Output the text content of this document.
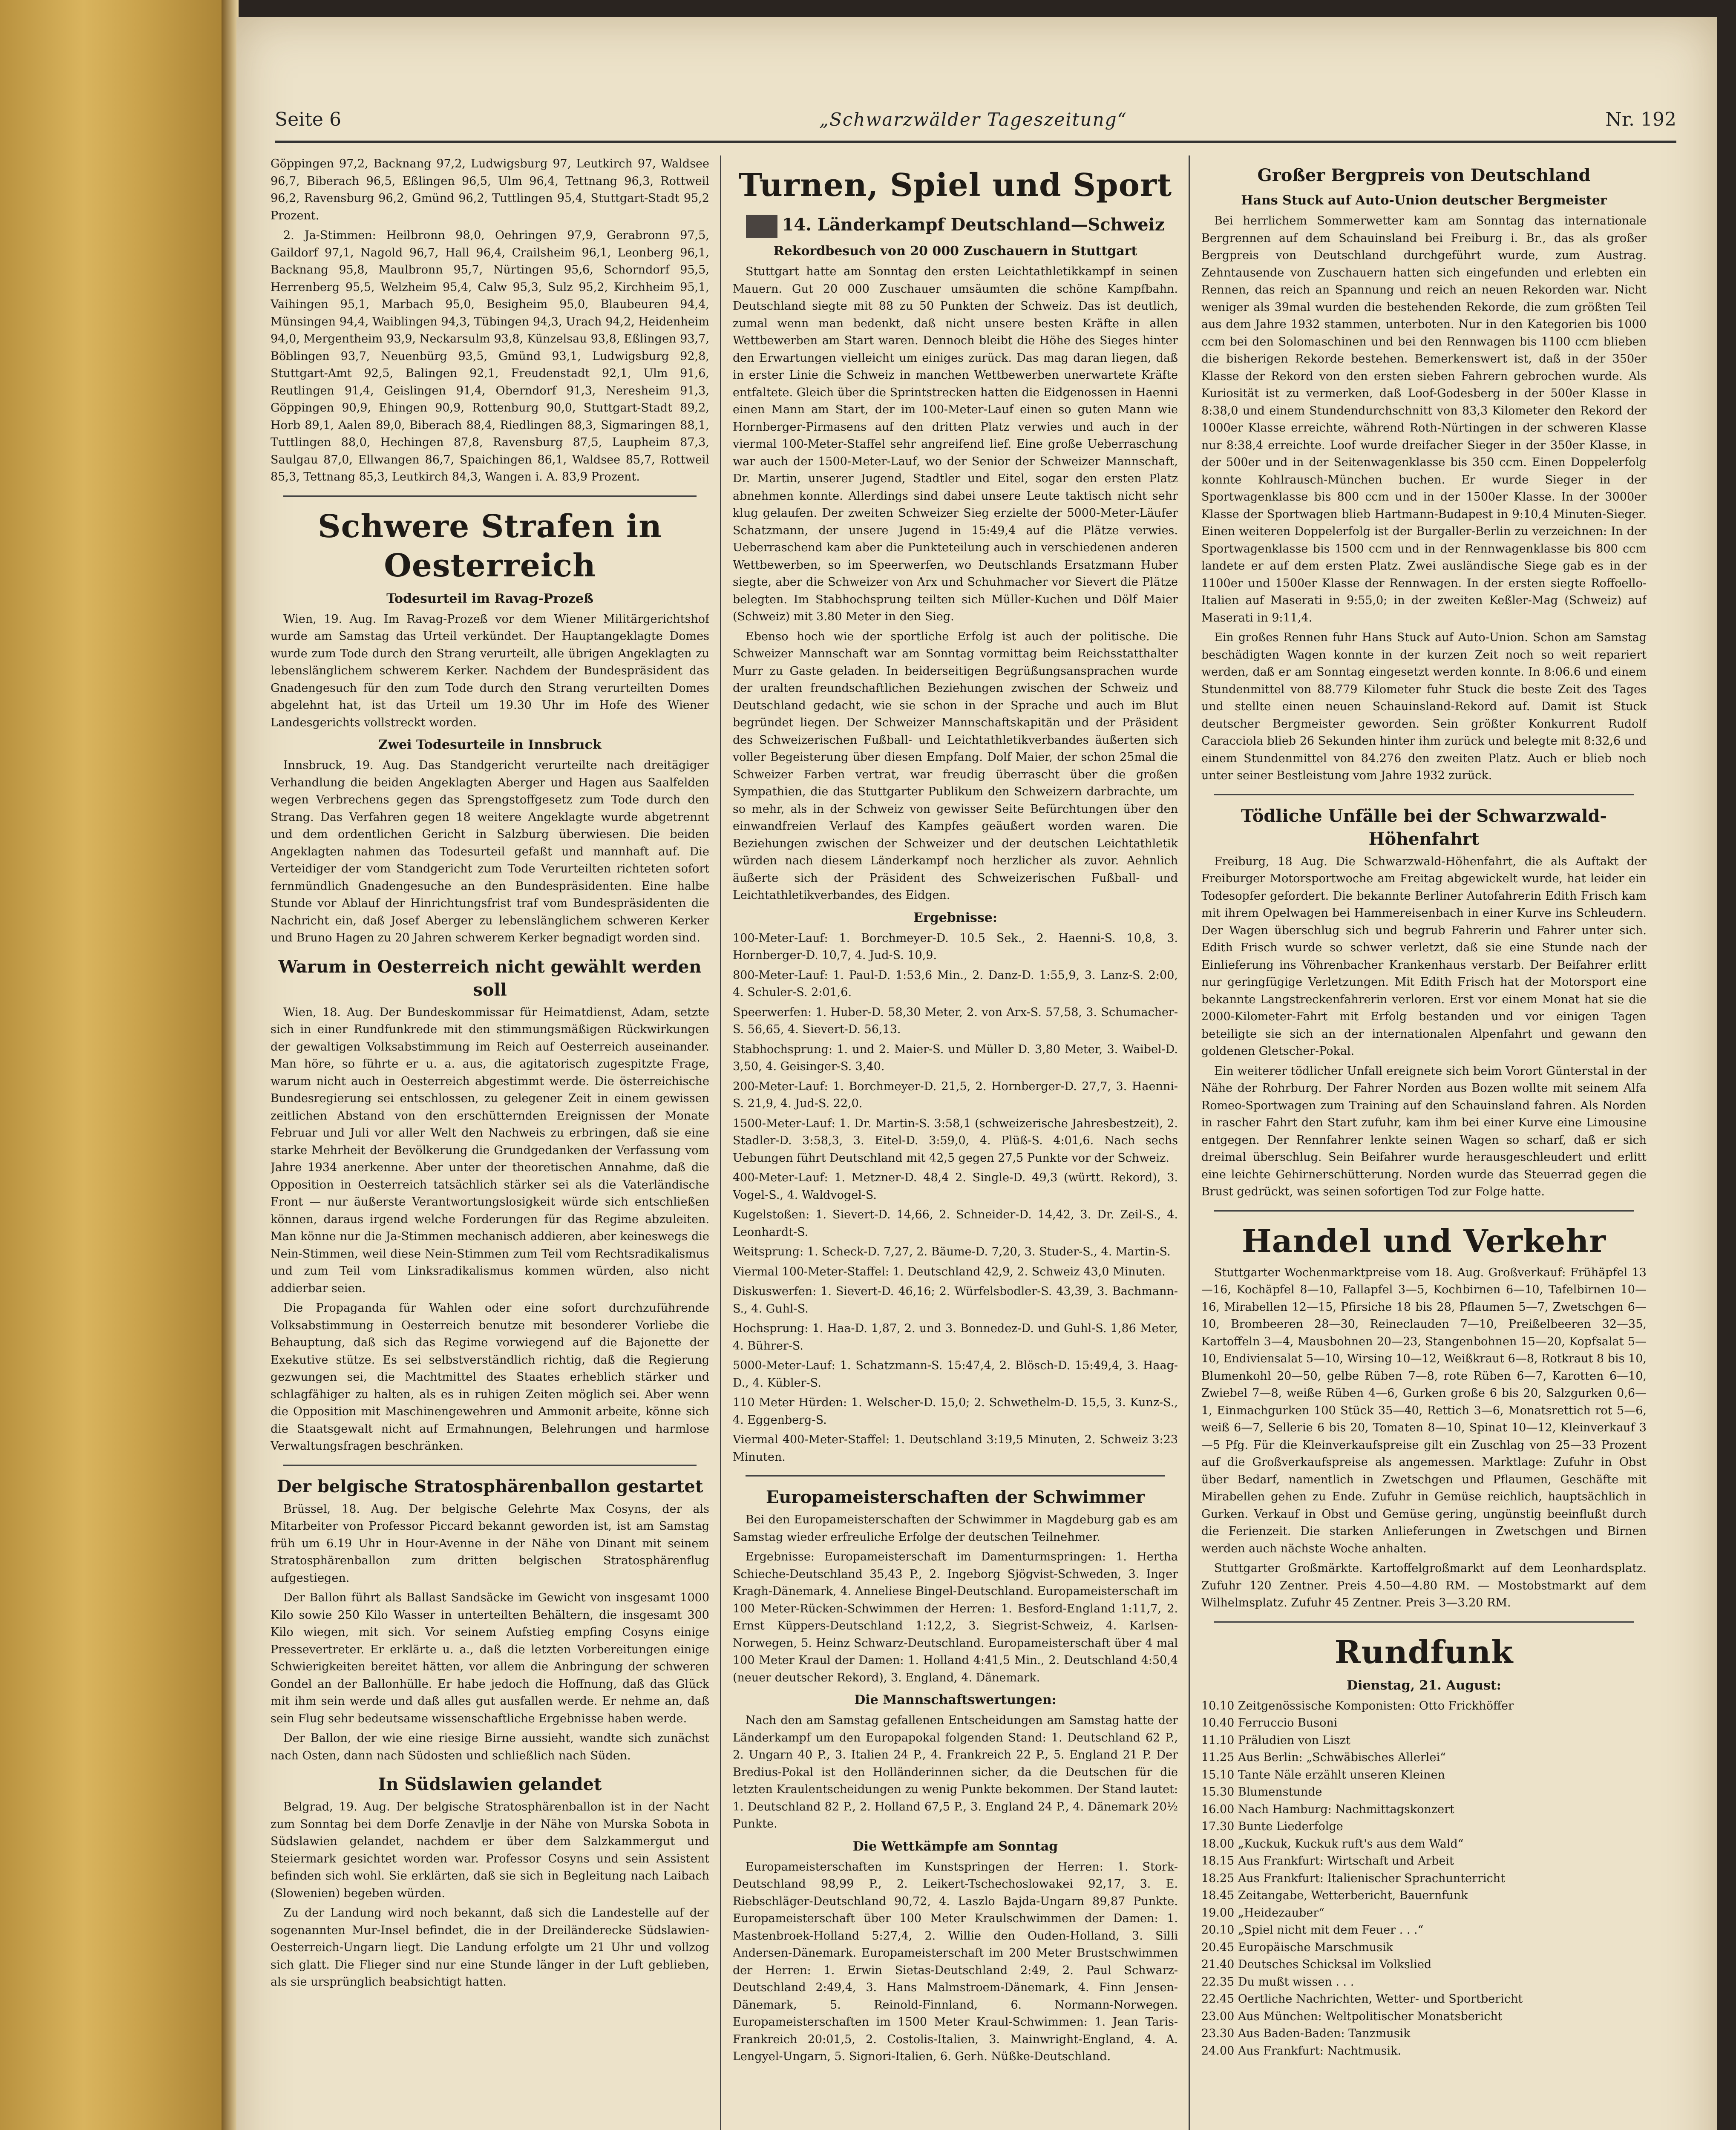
Seite 6	„Schwarzwälder Tageszeitung“	Nr. 192

Göppingen 97,2, Backnang 97,2, Ludwigsburg 97, Leutkirch 97, Waldsee 96,7, Biberach 96,5, Eßlingen 96,5, Ulm 96,4, Tettnang 96,3, Rottweil 96,2, Ravensburg 96,2, Gmünd 96,2, Tuttlingen 95,4, Stuttgart-Stadt 95,2 Prozent.

2. Ja-Stimmen: Heilbronn 98,0, Oehringen 97,9, Gerabronn 97,5, Gaildorf 97,1, Nagold 96,7, Hall 96,4, Crailsheim 96,1, Leonberg 96,1, Backnang 95,8, Maulbronn 95,7, Nürtingen 95,6, Schorndorf 95,5, Herrenberg 95,5, Welzheim 95,4, Calw 95,3, Sulz 95,2, Kirchheim 95,1, Vaihingen 95,1, Marbach 95,0, Besigheim 95,0, Blaubeuren 94,4, Münsingen 94,4, Waiblingen 94,3, Tübingen 94,3, Urach 94,2, Heidenheim 94,0, Mergentheim 93,9, Neckarsulm 93,8, Künzelsau 93,8, Eßlingen 93,7, Böblingen 93,7, Neuenbürg 93,5, Gmünd 93,1, Ludwigsburg 92,8, Stuttgart-Amt 92,5, Balingen 92,1, Freudenstadt 92,1, Ulm 91,6, Reutlingen 91,4, Geislingen 91,4, Oberndorf 91,3, Neresheim 91,3, Göppingen 90,9, Ehingen 90,9, Rottenburg 90,0, Stuttgart-Stadt 89,2, Horb 89,1, Aalen 89,0, Biberach 88,4, Riedlingen 88,3, Sigmaringen 88,1, Tuttlingen 88,0, Hechingen 87,8, Ravensburg 87,5, Laupheim 87,3, Saulgau 87,0, Ellwangen 86,7, Spaichingen 86,1, Waldsee 85,7, Rottweil 85,3, Tettnang 85,3, Leutkirch 84,3, Wangen i. A. 83,9 Prozent.

Schwere Strafen in Oesterreich
Todesurteil im Ravag-Prozeß

Wien, 19. Aug. Im Ravag-Prozeß vor dem Wiener Militärgerichtshof wurde am Samstag das Urteil verkündet. Der Hauptangeklagte Domes wurde zum Tode durch den Strang verurteilt, alle übrigen Angeklagten zu lebenslänglichem schwerem Kerker. Nachdem der Bundespräsident das Gnadengesuch für den zum Tode durch den Strang verurteilten Domes abgelehnt hat, ist das Urteil um 19.30 Uhr im Hofe des Wiener Landesgerichts vollstreckt worden.

Zwei Todesurteile in Innsbruck

Innsbruck, 19. Aug. Das Standgericht verurteilte nach dreitägiger Verhandlung die beiden Angeklagten Aberger und Hagen aus Saalfelden wegen Verbrechens gegen das Sprengstoffgesetz zum Tode durch den Strang. Das Verfahren gegen 18 weitere Angeklagte wurde abgetrennt und dem ordentlichen Gericht in Salzburg überwiesen. Die beiden Angeklagten nahmen das Todesurteil gefaßt und mannhaft auf. Die Verteidiger der vom Standgericht zum Tode Verurteilten richteten sofort fernmündlich Gnadengesuche an den Bundespräsidenten. Eine halbe Stunde vor Ablauf der Hinrichtungsfrist traf vom Bundespräsidenten die Nachricht ein, daß Josef Aberger zu lebenslänglichem schweren Kerker und Bruno Hagen zu 20 Jahren schwerem Kerker begnadigt worden sind.

Warum in Oesterreich nicht gewählt werden soll

Wien, 18. Aug. Der Bundeskommissar für Heimatdienst, Adam, setzte sich in einer Rundfunkrede mit den stimmungsmäßigen Rückwirkungen der gewaltigen Volksabstimmung im Reich auf Oesterreich auseinander. Man höre, so führte er u. a. aus, die agitatorisch zugespitzte Frage, warum nicht auch in Oesterreich abgestimmt werde. Die österreichische Bundesregierung sei entschlossen, zu gelegener Zeit in einem gewissen zeitlichen Abstand von den erschütternden Ereignissen der Monate Februar und Juli vor aller Welt den Nachweis zu erbringen, daß sie eine starke Mehrheit der Bevölkerung die Grundgedanken der Verfassung vom Jahre 1934 anerkenne. Aber unter der theoretischen Annahme, daß die Opposition in Oesterreich tatsächlich stärker sei als die Vaterländische Front — nur äußerste Verantwortungslosigkeit würde sich entschließen können, daraus irgend welche Forderungen für das Regime abzuleiten. Man könne nur die Ja-Stimmen mechanisch addieren, aber keineswegs die Nein-Stimmen, weil diese Nein-Stimmen zum Teil vom Rechtsradikalismus und zum Teil vom Linksradikalismus kommen würden, also nicht addierbar seien.

Die Propaganda für Wahlen oder eine sofort durchzuführende Volksabstimmung in Oesterreich benutze mit besonderer Vorliebe die Behauptung, daß sich das Regime vorwiegend auf die Bajonette der Exekutive stütze. Es sei selbstverständlich richtig, daß die Regierung gezwungen sei, die Machtmittel des Staates erheblich stärker und schlagfähiger zu halten, als es in ruhigen Zeiten möglich sei. Aber wenn die Opposition mit Maschinengewehren und Ammonit arbeite, könne sich die Staatsgewalt nicht auf Ermahnungen, Belehrungen und harmlose Verwaltungsfragen beschränken.

Der belgische Stratosphärenballon gestartet

Brüssel, 18. Aug. Der belgische Gelehrte Max Cosyns, der als Mitarbeiter von Professor Piccard bekannt geworden ist, ist am Samstag früh um 6.19 Uhr in Hour-Avenne in der Nähe von Dinant mit seinem Stratosphärenballon zum dritten belgischen Stratosphärenflug aufgestiegen.

Der Ballon führt als Ballast Sandsäcke im Gewicht von insgesamt 1000 Kilo sowie 250 Kilo Wasser in unterteilten Behältern, die insgesamt 300 Kilo wiegen, mit sich. Vor seinem Aufstieg empfing Cosyns einige Pressevertreter. Er erklärte u. a., daß die letzten Vorbereitungen einige Schwierigkeiten bereitet hätten, vor allem die Anbringung der schweren Gondel an der Ballonhülle. Er habe jedoch die Hoffnung, daß das Glück mit ihm sein werde und daß alles gut ausfallen werde. Er nehme an, daß sein Flug sehr bedeutsame wissenschaftliche Ergebnisse haben werde.

Der Ballon, der wie eine riesige Birne aussieht, wandte sich zunächst nach Osten, dann nach Südosten und schließlich nach Süden.

In Südslawien gelandet

Belgrad, 19. Aug. Der belgische Stratosphärenballon ist in der Nacht zum Sonntag bei dem Dorfe Zenavlje in der Nähe von Murska Sobota in Südslawien gelandet, nachdem er über dem Salzkammergut und Steiermark gesichtet worden war. Professor Cosyns und sein Assistent befinden sich wohl. Sie erklärten, daß sie sich in Begleitung nach Laibach (Slowenien) begeben würden.

Zu der Landung wird noch bekannt, daß sich die Landestelle auf der sogenannten Mur-Insel befindet, die in der Dreiländerecke Südslawien-Oesterreich-Ungarn liegt. Die Landung erfolgte um 21 Uhr und vollzog sich glatt. Die Flieger sind nur eine Stunde länger in der Luft geblieben, als sie ursprünglich beabsichtigt hatten.

Turnen, Spiel und Sport
14. Länderkampf Deutschland—Schweiz
Rekordbesuch von 20 000 Zuschauern in Stuttgart

Stuttgart hatte am Sonntag den ersten Leichtathletikkampf in seinen Mauern. Gut 20 000 Zuschauer umsäumten die schöne Kampfbahn. Deutschland siegte mit 88 zu 50 Punkten der Schweiz. Das ist deutlich, zumal wenn man bedenkt, daß nicht unsere besten Kräfte in allen Wettbewerben am Start waren. Dennoch bleibt die Höhe des Sieges hinter den Erwartungen vielleicht um einiges zurück. Das mag daran liegen, daß in erster Linie die Schweiz in manchen Wettbewerben unerwartete Kräfte entfaltete. Gleich über die Sprintstrecken hatten die Eidgenossen in Haenni einen Mann am Start, der im 100-Meter-Lauf einen so guten Mann wie Hornberger-Pirmasens auf den dritten Platz verwies und auch in der viermal 100-Meter-Staffel sehr angreifend lief. Eine große Ueberraschung war auch der 1500-Meter-Lauf, wo der Senior der Schweizer Mannschaft, Dr. Martin, unserer Jugend, Stadtler und Eitel, sogar den ersten Platz abnehmen konnte. Allerdings sind dabei unsere Leute taktisch nicht sehr klug gelaufen. Der zweiten Schweizer Sieg erzielte der 5000-Meter-Läufer Schatzmann, der unsere Jugend in 15:49,4 auf die Plätze verwies. Ueberraschend kam aber die Punkteteilung auch in verschiedenen anderen Wettbewerben, so im Speerwerfen, wo Deutschlands Ersatzmann Huber siegte, aber die Schweizer von Arx und Schuhmacher vor Sievert die Plätze belegten. Im Stabhochsprung teilten sich Müller-Kuchen und Dölf Maier (Schweiz) mit 3.80 Meter in den Sieg.

Ebenso hoch wie der sportliche Erfolg ist auch der politische. Die Schweizer Mannschaft war am Sonntag vormittag beim Reichsstatthalter Murr zu Gaste geladen. In beiderseitigen Begrüßungsansprachen wurde der uralten freundschaftlichen Beziehungen zwischen der Schweiz und Deutschland gedacht, wie sie schon in der Sprache und auch im Blut begründet liegen. Der Schweizer Mannschaftskapitän und der Präsident des Schweizerischen Fußball- und Leichtathletikverbandes äußerten sich voller Begeisterung über diesen Empfang. Dolf Maier, der schon 25mal die Schweizer Farben vertrat, war freudig überrascht über die großen Sympathien, die das Stuttgarter Publikum den Schweizern darbrachte, um so mehr, als in der Schweiz von gewisser Seite Befürchtungen über den einwandfreien Verlauf des Kampfes geäußert worden waren. Die Beziehungen zwischen der Schweizer und der deutschen Leichtathletik würden nach diesem Länderkampf noch herzlicher als zuvor. Aehnlich äußerte sich der Präsident des Schweizerischen Fußball- und Leichtathletikverbandes, des Eidgen.

Ergebnisse:

100-Meter-Lauf: 1. Borchmeyer-D. 10.5 Sek., 2. Haenni-S. 10,8, 3. Hornberger-D. 10,7, 4. Jud-S. 10,9.

800-Meter-Lauf: 1. Paul-D. 1:53,6 Min., 2. Danz-D. 1:55,9, 3. Lanz-S. 2:00, 4. Schuler-S. 2:01,6.

Speerwerfen: 1. Huber-D. 58,30 Meter, 2. von Arx-S. 57,58, 3. Schumacher-S. 56,65, 4. Sievert-D. 56,13.

Stabhochsprung: 1. und 2. Maier-S. und Müller D. 3,80 Meter, 3. Waibel-D. 3,50, 4. Geisinger-S. 3,40.

200-Meter-Lauf: 1. Borchmeyer-D. 21,5, 2. Hornberger-D. 27,7, 3. Haenni-S. 21,9, 4. Jud-S. 22,0.

1500-Meter-Lauf: 1. Dr. Martin-S. 3:58,1 (schweizerische Jahresbestzeit), 2. Stadler-D. 3:58,3, 3. Eitel-D. 3:59,0, 4. Plüß-S. 4:01,6. Nach sechs Uebungen führt Deutschland mit 42,5 gegen 27,5 Punkte vor der Schweiz.

400-Meter-Lauf: 1. Metzner-D. 48,4 2. Single-D. 49,3 (württ. Rekord), 3. Vogel-S., 4. Waldvogel-S.

Kugelstoßen: 1. Sievert-D. 14,66, 2. Schneider-D. 14,42, 3. Dr. Zeil-S., 4. Leonhardt-S.

Weitsprung: 1. Scheck-D. 7,27, 2. Bäume-D. 7,20, 3. Studer-S., 4. Martin-S.

Viermal 100-Meter-Staffel: 1. Deutschland 42,9, 2. Schweiz 43,0 Minuten.

Diskuswerfen: 1. Sievert-D. 46,16; 2. Würfelsbodler-S. 43,39, 3. Bachmann-S., 4. Guhl-S.

Hochsprung: 1. Haa-D. 1,87, 2. und 3. Bonnedez-D. und Guhl-S. 1,86 Meter, 4. Bührer-S.

5000-Meter-Lauf: 1. Schatzmann-S. 15:47,4, 2. Blösch-D. 15:49,4, 3. Haag-D., 4. Kübler-S.

110 Meter Hürden: 1. Welscher-D. 15,0; 2. Schwethelm-D. 15,5, 3. Kunz-S., 4. Eggenberg-S.

Viermal 400-Meter-Staffel: 1. Deutschland 3:19,5 Minuten, 2. Schweiz 3:23 Minuten.

Europameisterschaften der Schwimmer

Bei den Europameisterschaften der Schwimmer in Magdeburg gab es am Samstag wieder erfreuliche Erfolge der deutschen Teilnehmer.

Ergebnisse: Europameisterschaft im Damenturmspringen: 1. Hertha Schieche-Deutschland 35,43 P., 2. Ingeborg Sjögvist-Schweden, 3. Inger Kragh-Dänemark, 4. Anneliese Bingel-Deutschland. Europameisterschaft im 100 Meter-Rücken-Schwimmen der Herren: 1. Besford-England 1:11,7, 2. Ernst Küppers-Deutschland 1:12,2, 3. Siegrist-Schweiz, 4. Karlsen-Norwegen, 5. Heinz Schwarz-Deutschland. Europameisterschaft über 4 mal 100 Meter Kraul der Damen: 1. Holland 4:41,5 Min., 2. Deutschland 4:50,4 (neuer deutscher Rekord), 3. England, 4. Dänemark.

Die Mannschaftswertungen:

Nach den am Samstag gefallenen Entscheidungen am Samstag hatte der Länderkampf um den Europapokal folgenden Stand: 1. Deutschland 62 P., 2. Ungarn 40 P., 3. Italien 24 P., 4. Frankreich 22 P., 5. England 21 P. Der Bredius-Pokal ist den Holländerinnen sicher, da die Deutschen für die letzten Kraulentscheidungen zu wenig Punkte bekommen. Der Stand lautet: 1. Deutschland 82 P., 2. Holland 67,5 P., 3. England 24 P., 4. Dänemark 20½ Punkte.

Die Wettkämpfe am Sonntag

Europameisterschaften im Kunstspringen der Herren: 1. Stork-Deutschland 98,99 P., 2. Leikert-Tschechoslowakei 92,17, 3. E. Riebschläger-Deutschland 90,72, 4. Laszlo Bajda-Ungarn 89,87 Punkte. Europameisterschaft über 100 Meter Kraulschwimmen der Damen: 1. Mastenbroek-Holland 5:27,4, 2. Willie den Ouden-Holland, 3. Silli Andersen-Dänemark. Europameisterschaft im 200 Meter Brustschwimmen der Herren: 1. Erwin Sietas-Deutschland 2:49, 2. Paul Schwarz-Deutschland 2:49,4, 3. Hans Malmstroem-Dänemark, 4. Finn Jensen-Dänemark, 5. Reinold-Finnland, 6. Normann-Norwegen. Europameisterschaften im 1500 Meter Kraul-Schwimmen: 1. Jean Taris-Frankreich 20:01,5, 2. Costolis-Italien, 3. Mainwright-England, 4. A. Lengyel-Ungarn, 5. Signori-Italien, 6. Gerh. Nüßke-Deutschland.

Großer Bergpreis von Deutschland
Hans Stuck auf Auto-Union deutscher Bergmeister

Bei herrlichem Sommerwetter kam am Sonntag das internationale Bergrennen auf dem Schauinsland bei Freiburg i. Br., das als großer Bergpreis von Deutschland durchgeführt wurde, zum Austrag. Zehntausende von Zuschauern hatten sich eingefunden und erlebten ein Rennen, das reich an Spannung und reich an neuen Rekorden war. Nicht weniger als 39mal wurden die bestehenden Rekorde, die zum größten Teil aus dem Jahre 1932 stammen, unterboten. Nur in den Kategorien bis 1000 ccm bei den Solomaschinen und bei den Rennwagen bis 1100 ccm blieben die bisherigen Rekorde bestehen. Bemerkenswert ist, daß in der 350er Klasse der Rekord von den ersten sieben Fahrern gebrochen wurde. Als Kuriosität ist zu vermerken, daß Loof-Godesberg in der 500er Klasse in 8:38,0 und einem Stundendurchschnitt von 83,3 Kilometer den Rekord der 1000er Klasse erreichte, während Roth-Nürtingen in der schweren Klasse nur 8:38,4 erreichte. Loof wurde dreifacher Sieger in der 350er Klasse, in der 500er und in der Seitenwagenklasse bis 350 ccm. Einen Doppelerfolg konnte Kohlrausch-München buchen. Er wurde Sieger in der Sportwagenklasse bis 800 ccm und in der 1500er Klasse. In der 3000er Klasse der Sportwagen blieb Hartmann-Budapest in 9:10,4 Minuten-Sieger. Einen weiteren Doppelerfolg ist der Burgaller-Berlin zu verzeichnen: In der Sportwagenklasse bis 1500 ccm und in der Rennwagenklasse bis 800 ccm landete er auf dem ersten Platz. Zwei ausländische Siege gab es in der 1100er und 1500er Klasse der Rennwagen. In der ersten siegte Roffoello-Italien auf Maserati in 9:55,0; in der zweiten Keßler-Mag (Schweiz) auf Maserati in 9:11,4.

Ein großes Rennen fuhr Hans Stuck auf Auto-Union. Schon am Samstag beschädigten Wagen konnte in der kurzen Zeit noch so weit repariert werden, daß er am Sonntag eingesetzt werden konnte. In 8:06.6 und einem Stundenmittel von 88.779 Kilometer fuhr Stuck die beste Zeit des Tages und stellte einen neuen Schauinsland-Rekord auf. Damit ist Stuck deutscher Bergmeister geworden. Sein größter Konkurrent Rudolf Caracciola blieb 26 Sekunden hinter ihm zurück und belegte mit 8:32,6 und einem Stundenmittel von 84.276 den zweiten Platz. Auch er blieb noch unter seiner Bestleistung vom Jahre 1932 zurück.

Tödliche Unfälle bei der Schwarzwald-Höhenfahrt

Freiburg, 18 Aug. Die Schwarzwald-Höhenfahrt, die als Auftakt der Freiburger Motorsportwoche am Freitag abgewickelt wurde, hat leider ein Todesopfer gefordert. Die bekannte Berliner Autofahrerin Edith Frisch kam mit ihrem Opelwagen bei Hammereisenbach in einer Kurve ins Schleudern. Der Wagen überschlug sich und begrub Fahrerin und Fahrer unter sich. Edith Frisch wurde so schwer verletzt, daß sie eine Stunde nach der Einlieferung ins Vöhrenbacher Krankenhaus verstarb. Der Beifahrer erlitt nur geringfügige Verletzungen. Mit Edith Frisch hat der Motorsport eine bekannte Langstreckenfahrerin verloren. Erst vor einem Monat hat sie die 2000-Kilometer-Fahrt mit Erfolg bestanden und vor einigen Tagen beteiligte sie sich an der internationalen Alpenfahrt und gewann den goldenen Gletscher-Pokal.

Ein weiterer tödlicher Unfall ereignete sich beim Vorort Günterstal in der Nähe der Rohrburg. Der Fahrer Norden aus Bozen wollte mit seinem Alfa Romeo-Sportwagen zum Training auf den Schauinsland fahren. Als Norden in rascher Fahrt den Start zufuhr, kam ihm bei einer Kurve eine Limousine entgegen. Der Rennfahrer lenkte seinen Wagen so scharf, daß er sich dreimal überschlug. Sein Beifahrer wurde herausgeschleudert und erlitt eine leichte Gehirnerschütterung. Norden wurde das Steuerrad gegen die Brust gedrückt, was seinen sofortigen Tod zur Folge hatte.

Handel und Verkehr

Stuttgarter Wochenmarktpreise vom 18. Aug. Großverkauf: Frühäpfel 13—16, Kochäpfel 8—10, Fallapfel 3—5, Kochbirnen 6—10, Tafelbirnen 10—16, Mirabellen 12—15, Pfirsiche 18 bis 28, Pflaumen 5—7, Zwetschgen 6—10, Brombeeren 28—30, Reineclauden 7—10, Preißelbeeren 32—35, Kartoffeln 3—4, Mausbohnen 20—23, Stangenbohnen 15—20, Kopfsalat 5—10, Endiviensalat 5—10, Wirsing 10—12, Weißkraut 6—8, Rotkraut 8 bis 10, Blumenkohl 20—50, gelbe Rüben 7—8, rote Rüben 6—7, Karotten 6—10, Zwiebel 7—8, weiße Rüben 4—6, Gurken große 6 bis 20, Salzgurken 0,6—1, Einmachgurken 100 Stück 35—40, Rettich 3—6, Monatsrettich rot 5—6, weiß 6—7, Sellerie 6 bis 20, Tomaten 8—10, Spinat 10—12, Kleinverkauf 3—5 Pfg. Für die Kleinverkaufspreise gilt ein Zuschlag von 25—33 Prozent auf die Großverkaufspreise als angemessen. Marktlage: Zufuhr in Obst über Bedarf, namentlich in Zwetschgen und Pflaumen, Geschäfte mit Mirabellen gehen zu Ende. Zufuhr in Gemüse reichlich, hauptsächlich in Gurken. Verkauf in Obst und Gemüse gering, ungünstig beeinflußt durch die Ferienzeit. Die starken Anlieferungen in Zwetschgen und Birnen werden auch nächste Woche anhalten.

Stuttgarter Großmärkte. Kartoffelgroßmarkt auf dem Leonhardsplatz. Zufuhr 120 Zentner. Preis 4.50—4.80 RM. — Mostobstmarkt auf dem Wilhelmsplatz. Zufuhr 45 Zentner. Preis 3—3.20 RM.

Rundfunk
Dienstag, 21. August:

10.10 Zeitgenössische Komponisten: Otto Frickhöffer

10.40 Ferruccio Busoni

11.10 Präludien von Liszt

11.25 Aus Berlin: „Schwäbisches Allerlei“

15.10 Tante Näle erzählt unseren Kleinen

15.30 Blumenstunde

16.00 Nach Hamburg: Nachmittagskonzert

17.30 Bunte Liederfolge

18.00 „Kuckuk, Kuckuk ruft's aus dem Wald“

18.15 Aus Frankfurt: Wirtschaft und Arbeit

18.25 Aus Frankfurt: Italienischer Sprachunterricht

18.45 Zeitangabe, Wetterbericht, Bauernfunk

19.00 „Heidezauber“

20.10 „Spiel nicht mit dem Feuer . . .“

20.45 Europäische Marschmusik

21.40 Deutsches Schicksal im Volkslied

22.35 Du mußt wissen . . .

22.45 Oertliche Nachrichten, Wetter- und Sportbericht

23.00 Aus München: Weltpolitischer Monatsbericht

23.30 Aus Baden-Baden: Tanzmusik

24.00 Aus Frankfurt: Nachtmusik.
